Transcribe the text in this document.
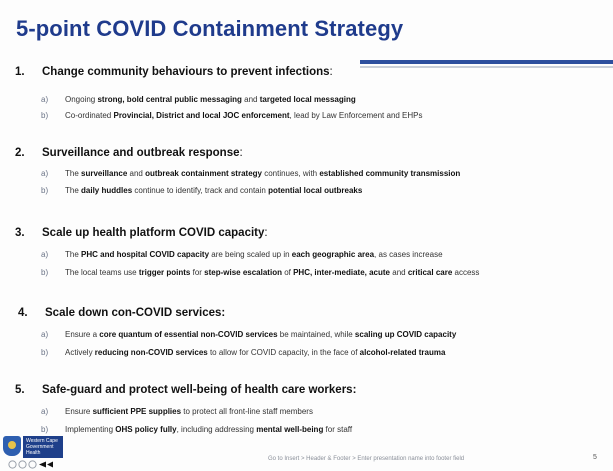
5-point COVID Containment Strategy
1. Change community behaviours to prevent infections:
a) Ongoing strong, bold central public messaging and targeted local messaging
b) Co-ordinated Provincial, District and local JOC enforcement, lead by Law Enforcement and EHPs
2. Surveillance and outbreak response:
a) The surveillance and outbreak containment strategy continues, with established community transmission
b) The daily huddles continue to identify, track and contain potential local outbreaks
3. Scale up health platform COVID capacity:
a) The PHC and hospital COVID capacity are being scaled up in each geographic area, as cases increase
b) The local teams use trigger points for step-wise escalation of PHC, inter-mediate, acute and critical care access
4. Scale down con-COVID services:
a) Ensure a core quantum of essential non-COVID services be maintained, while scaling up COVID capacity
b) Actively reducing non-COVID services to allow for COVID capacity, in the face of alcohol-related trauma
5. Safe-guard and protect well-being of health care workers:
a) Ensure sufficient PPE supplies to protect all front-line staff members
b) Implementing OHS policy fully, including addressing mental well-being for staff
Western Cape
Government
Health
Go to Insert > Header & Footer > Enter presentation name into footer field	5
